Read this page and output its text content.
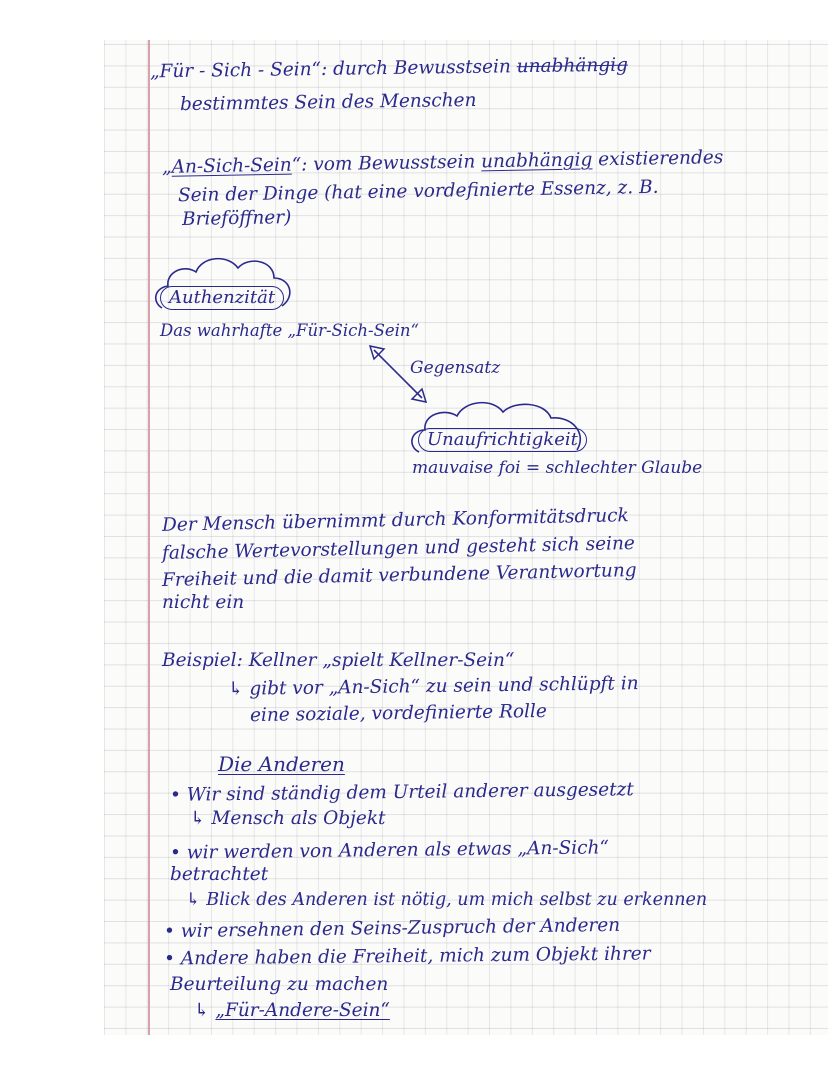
„Für - Sich - Sein“: durch Bewusstsein unabhängig
bestimmtes Sein des Menschen
„An-Sich-Sein“: vom Bewusstsein unabhängig existierendes
Sein der Dinge (hat eine vordefinierte Essenz, z. B.
Brieföffner)
Authenzität
Das wahrhafte „Für-Sich-Sein“
Gegensatz
Unaufrichtigkeit
mauvaise foi = schlechter Glaube
Der Mensch übernimmt durch Konformitätsdruck
falsche Wertevorstellungen und gesteht sich seine
Freiheit und die damit verbundene Verantwortung
nicht ein
Beispiel: Kellner „spielt Kellner-Sein“
↳ gibt vor „An-Sich“ zu sein und schlüpft in
eine soziale, vordefinierte Rolle
Die Anderen
• Wir sind ständig dem Urteil anderer ausgesetzt
↳ Mensch als Objekt
• wir werden von Anderen als etwas „An-Sich“
betrachtet
↳ Blick des Anderen ist nötig, um mich selbst zu erkennen
• wir ersehnen den Seins-Zuspruch der Anderen
• Andere haben die Freiheit, mich zum Objekt ihrer
Beurteilung zu machen
↳ „Für-Andere-Sein“
